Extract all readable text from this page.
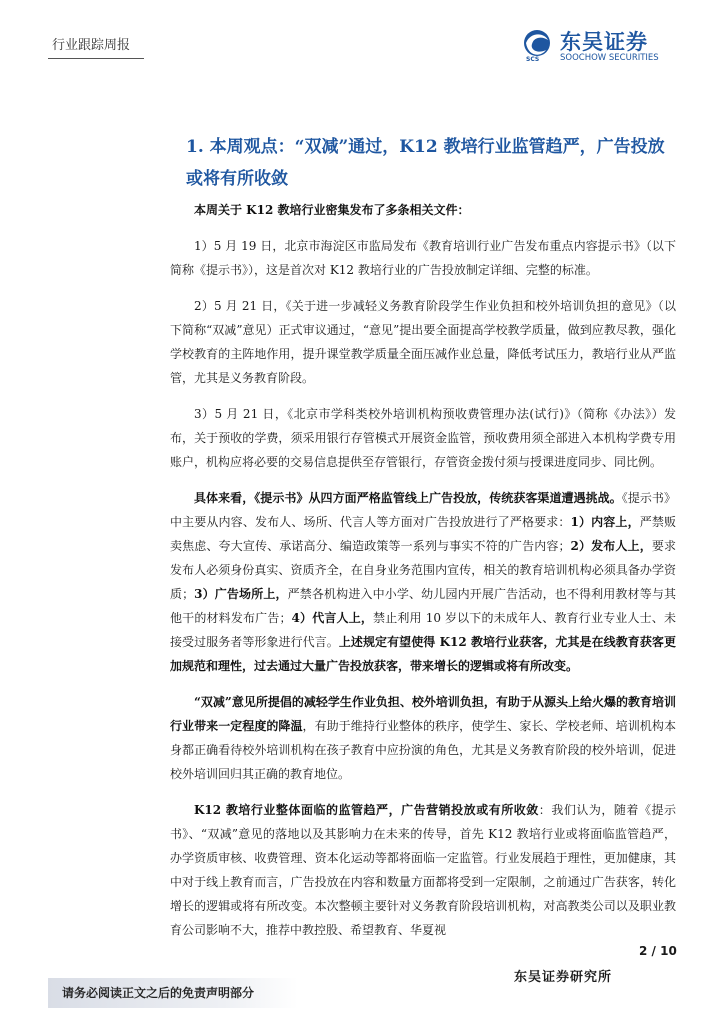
行业跟踪周报
SCS
东吴证券
SOOCHOW SECURITIES
1. 本周观点：“双减”通过，K12 教培行业监管趋严，广告投放或将有所收敛

本周关于 K12 教培行业密集发布了多条相关文件：

1）5 月 19 日，北京市海淀区市监局发布《教育培训行业广告发布重点内容提示书》（以下简称《提示书》），这是首次对 K12 教培行业的广告投放制定详细、完整的标准。

2）5 月 21 日，《关于进一步减轻义务教育阶段学生作业负担和校外培训负担的意见》（以下简称“双减”意见）正式审议通过，“意见”提出要全面提高学校教学质量，做到应教尽教，强化学校教育的主阵地作用，提升课堂教学质量全面压减作业总量，降低考试压力，教培行业从严监管，尤其是义务教育阶段。

3）5 月 21 日，《北京市学科类校外培训机构预收费管理办法(试行)》（简称《办法》）发布，关于预收的学费，须采用银行存管模式开展资金监管，预收费用须全部进入本机构学费专用账户，机构应将必要的交易信息提供至存管银行，存管资金拨付须与授课进度同步、同比例。

具体来看，《提示书》从四方面严格监管线上广告投放，传统获客渠道遭遇挑战。《提示书》中主要从内容、发布人、场所、代言人等方面对广告投放进行了严格要求：1）内容上，严禁贩卖焦虑、夸大宣传、承诺高分、编造政策等一系列与事实不符的广告内容；2）发布人上，要求发布人必须身份真实、资质齐全，在自身业务范围内宣传，相关的教育培训机构必须具备办学资质；3）广告场所上，严禁各机构进入中小学、幼儿园内开展广告活动，也不得利用教材等与其他干的材料发布广告；4）代言人上，禁止利用 10 岁以下的未成年人、教育行业专业人士、未接受过服务者等形象进行代言。上述规定有望使得 K12 教培行业获客，尤其是在线教育获客更加规范和理性，过去通过大量广告投放获客，带来增长的逻辑或将有所改变。

“双减”意见所提倡的减轻学生作业负担、校外培训负担，有助于从源头上给火爆的教育培训行业带来一定程度的降温，有助于维持行业整体的秩序，使学生、家长、学校老师、培训机构本身都正确看待校外培训机构在孩子教育中应扮演的角色，尤其是义务教育阶段的校外培训，促进校外培训回归其正确的教育地位。

K12 教培行业整体面临的监管趋严，广告营销投放或有所收敛：我们认为，随着《提示书》、“双减”意见的落地以及其影响力在未来的传导，首先 K12 教培行业或将面临监管趋严，办学资质审核、收费管理、资本化运动等都将面临一定监管。行业发展趋于理性，更加健康，其中对于线上教育而言，广告投放在内容和数量方面都将受到一定限制，之前通过广告获客，转化增长的逻辑或将有所改变。本次整顿主要针对义务教育阶段培训机构，对高教类公司以及职业教育公司影响不大，推荐中教控股、希望教育、华夏视

2 / 10
东吴证券研究所
请务必阅读正文之后的免责声明部分
